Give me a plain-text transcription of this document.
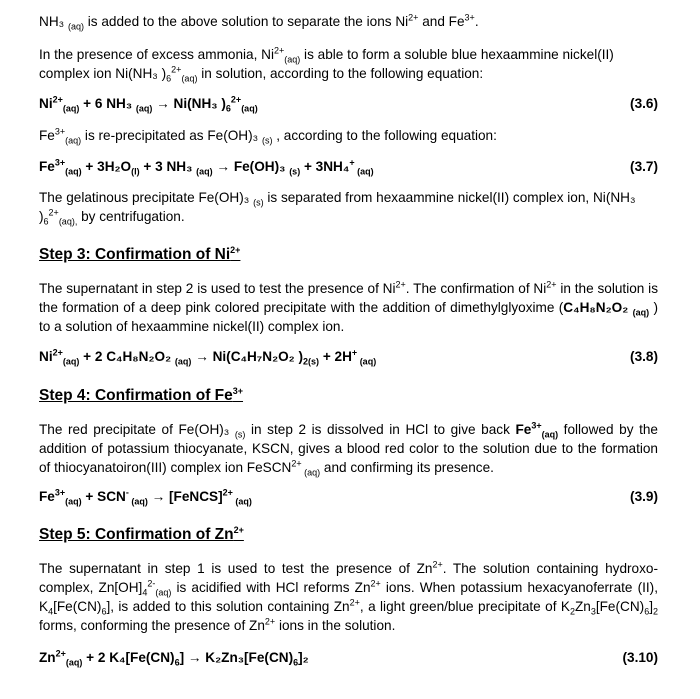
NH₃ $_{(aq)}$ is added to the above solution to separate the ions $Ni^{2+}$ and $Fe^{3+}$.

In the presence of excess ammonia, $Ni^{2+}_{(aq)}$ is able to form a soluble blue hexaammine nickel(II) complex ion Ni(NH₃ )$_6^{2+}_{(aq)}$ in solution, according to the following equation:

$Ni^{2+}_{(aq)} + 6$ NH₃ $_{(aq)}$ → Ni(NH₃ )$_6^{2+}_{(aq)}$	(3.6)

$Fe^{3+}_{(aq)}$ is re-precipitated as Fe(OH)₃ $_{(s)}$ , according to the following equation:

$Fe^{3+}_{(aq)} + 3H_2O_{(l)} + 3$ NH₃ $_{(aq)}$ → Fe(OH)₃ $_{(s)}$ + 3NH₄+ $_{(aq)}$	(3.7)

The gelatinous precipitate Fe(OH)₃ $_{(s)}$ is separated from hexaammine nickel(II) complex ion, Ni(NH₃ )$_6^{2+}_{(aq),}$ by centrifugation.

Step 3: Confirmation of $Ni^{2+}$

The supernatant in step 2 is used to test the presence of $Ni^{2+}$. The confirmation of $Ni^{2+}$ in the solution is the formation of a deep pink colored precipitate with the addition of dimethylglyoxime (C₄H₈N₂O₂ $_{(aq)}$ ) to a solution of hexaammine nickel(II) complex ion.

$Ni^{2+}_{(aq)} + 2$ C₄H₈N₂O₂ $_{(aq)}$ → Ni(C₄H₇N₂O₂ )$_{2(s)} + 2H^+$ $_{(aq)}$	(3.8)
Step 4: Confirmation of $Fe^{3+}$

The red precipitate of Fe(OH)₃ $_{(s)}$ in step 2 is dissolved in HCl to give back $Fe^{3+}_{(aq)}$ followed by the addition of potassium thiocyanate, KSCN, gives a blood red color to the solution due to the formation of thiocyanatoiron(III) complex ion FeSCN$^{2+}$ $_{(aq)}$ and confirming its presence.

$Fe^{3+}_{(aq)} + SCN^-$ $_{(aq)}$ → [FeNCS]$^{2+}$ $_{(aq)}$	(3.9)
Step 5: Confirmation of $Zn^{2+}$

The supernatant in step 1 is used to test the presence of $Zn^{2+}$. The solution containing hydroxo-complex, $Zn[OH]_4^{2-}_{(aq)}$ is acidified with HCl reforms $Zn^{2+}$ ions. When potassium hexacyanoferrate (II), $K_4[Fe(CN)_6]$, is added to this solution containing $Zn^{2+}$, a light green/blue precipitate of $K_2Zn_3[Fe(CN)_6]_2$ forms, conforming the presence of $Zn^{2+}$ ions in the solution.

$Zn^{2+}_{(aq)} + 2$ $K_4[Fe(CN)_6] \to K_2Zn_3[Fe(CN)_6]_2$	(3.10)
